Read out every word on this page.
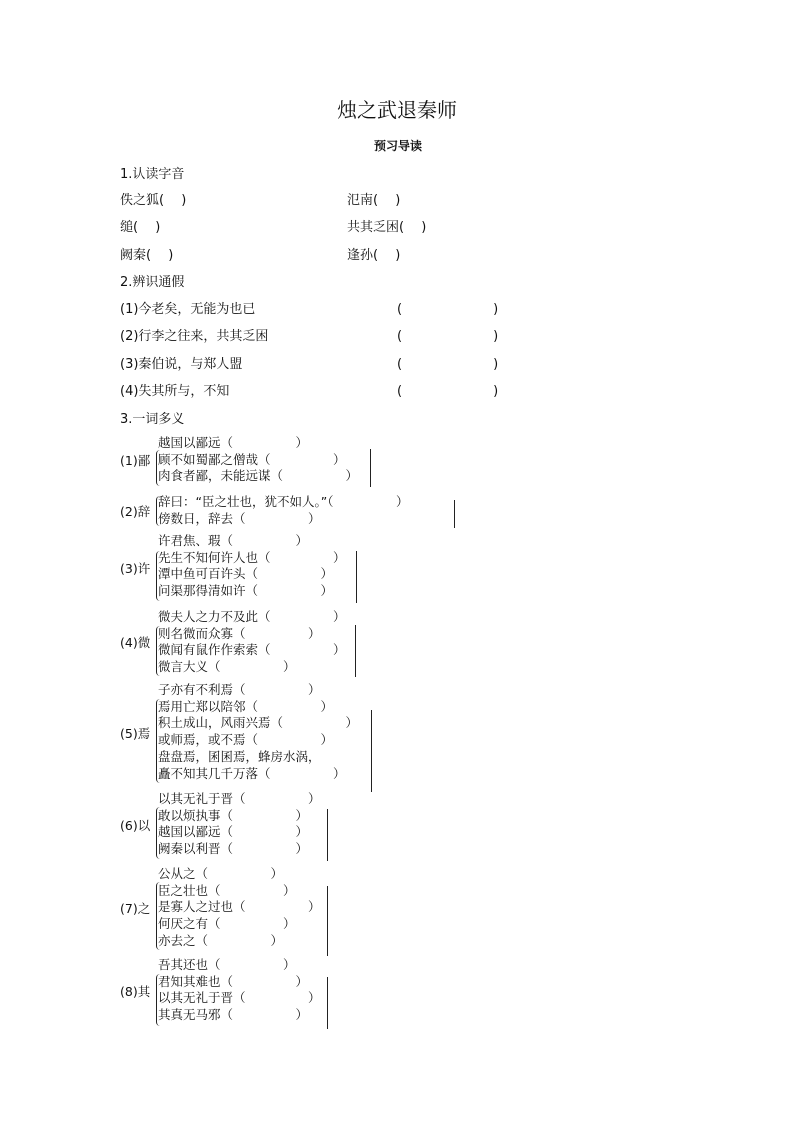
烛之武退秦师
预习导读
1.认读字音
佚之狐(　 )	氾南(　 )
缒(　 )	共其乏困(　 )
阙秦(　 )	逢孙(　 )
2.辨识通假
(1)今老矣，无能为也已	(　　　　　　　)
(2)行李之往来，共其乏困	(　　　　　　　)
(3)秦伯说，与郑人盟	(　　　　　　　)
(4)失其所与，不知	(　　　　　　　)
3.一词多义
(1)鄙
越国以鄙远（　　　　　）
顾不如蜀鄙之僧哉（　　　　　）
肉食者鄙，未能远谋（　　　　　）
(2)辞
辞曰：“臣之壮也，犹不如人。”（　　　　　）
傍数日，辞去（　　　　　）
(3)许
许君焦、瑕（　　　　　）
先生不知何许人也（　　　　　）
潭中鱼可百许头（　　　　　）
问渠那得清如许（　　　　　）
(4)微
微夫人之力不及此（　　　　　）
则名微而众寡（　　　　　）
微闻有鼠作作索索（　　　　　）
微言大义（　　　　　）
(5)焉
子亦有不利焉（　　　　　）
焉用亡郑以陪邻（　　　　　）
积土成山，风雨兴焉（　　　　　）
或师焉，或不焉（　　　　　）
盘盘焉，囷囷焉，蜂房水涡，
矗不知其几千万落（　　　　　）
(6)以
以其无礼于晋（　　　　　）
敢以烦执事（　　　　　）
越国以鄙远（　　　　　）
阙秦以利晋（　　　　　）
(7)之
公从之（　　　　　）
臣之壮也（　　　　　）
是寡人之过也（　　　　　）
何厌之有（　　　　　）
亦去之（　　　　　）
(8)其
吾其还也（　　　　　）
君知其难也（　　　　　）
以其无礼于晋（　　　　　）
其真无马邪（　　　　　）
